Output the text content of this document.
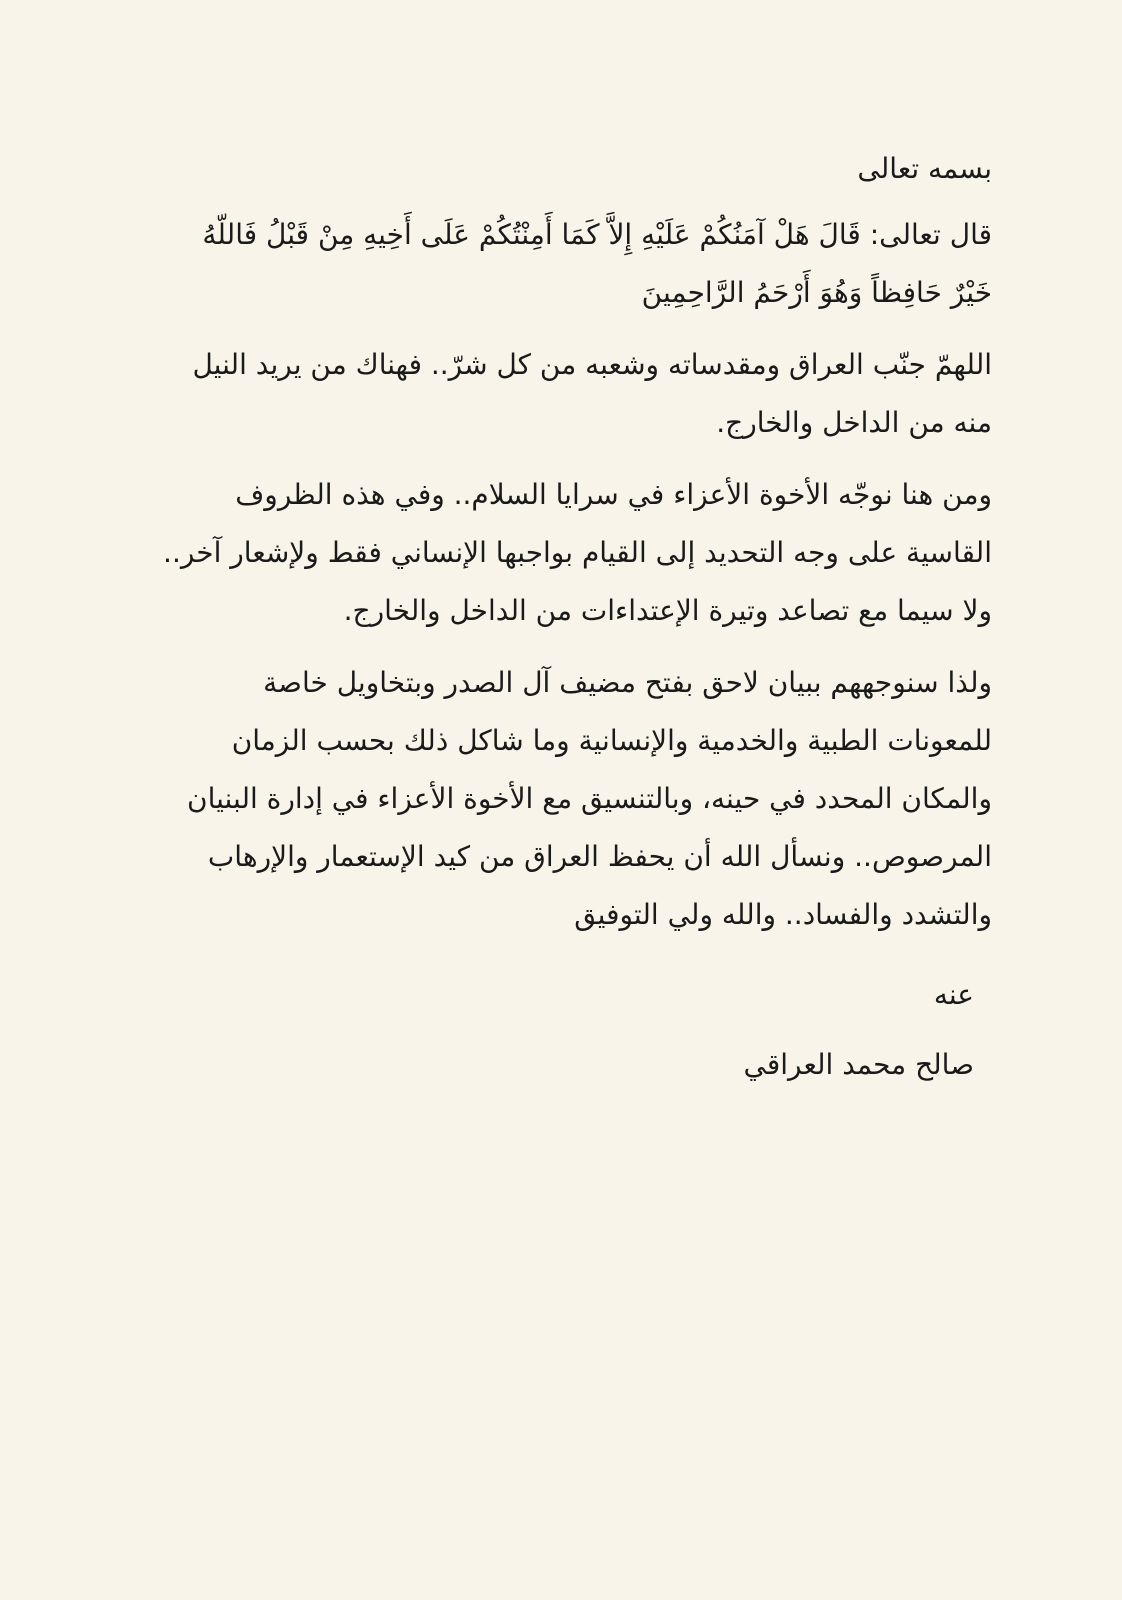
بسمه تعالى
قال تعالى: قَالَ هَلْ آمَنُكُمْ عَلَيْهِ إِلاَّ كَمَا أَمِنْتُكُمْ عَلَى أَخِيهِ مِنْ قَبْلُ فَاللّهُ
خَيْرٌ حَافِظاً وَهُوَ أَرْحَمُ الرَّاحِمِينَ
اللهمّ جنّب العراق ومقدساته وشعبه من كل شرّ.. فهناك من يريد النيل
منه من الداخل والخارج.
ومن هنا نوجّه الأخوة الأعزاء في سرايا السلام.. وفي هذه الظروف
القاسية على وجه التحديد إلى القيام بواجبها الإنساني فقط ولإشعار آخر..
ولا سيما مع تصاعد وتيرة الإعتداءات من الداخل والخارج.
ولذا سنوجههم ببيان لاحق بفتح مضيف آل الصدر وبتخاويل خاصة
للمعونات الطبية والخدمية والإنسانية وما شاكل ذلك بحسب الزمان
والمكان المحدد في حينه، وبالتنسيق مع الأخوة الأعزاء في إدارة البنيان
المرصوص.. ونسأل الله أن يحفظ العراق من كيد الإستعمار والإرهاب
والتشدد والفساد.. والله ولي التوفيق
عنه
صالح محمد العراقي
